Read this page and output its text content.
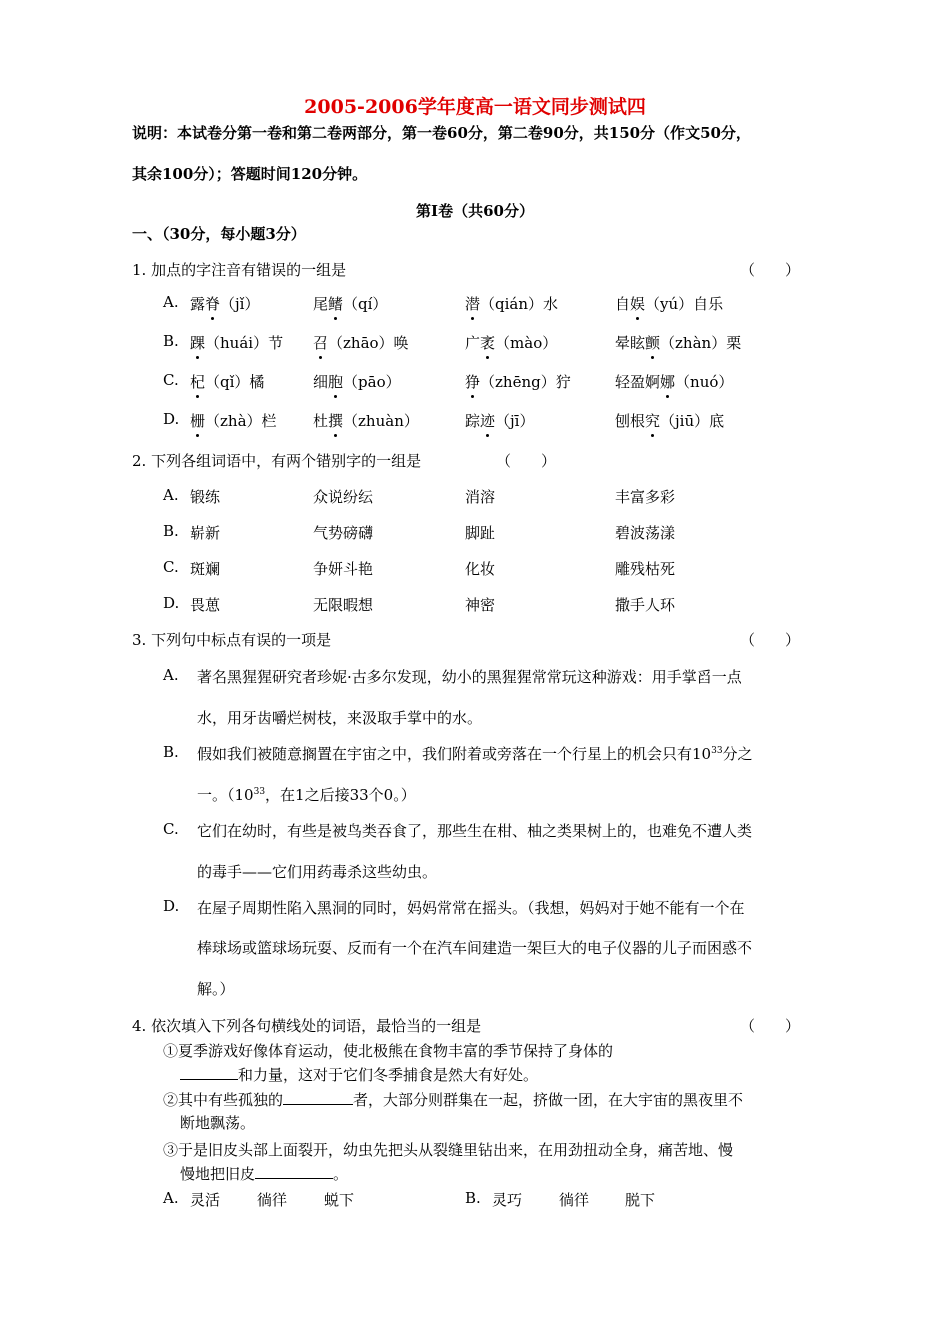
2005-2006学年度高一语文同步测试四
说明：本试卷分第一卷和第二卷两部分，第一卷60分，第二卷90分，共150分（作文50分，
其余100分）；答题时间120分钟。
第Ⅰ卷（共60分）
一、（30分，每小题3分）
1. 加点的字注音有错误的一组是	（　　）
A. 露脊（jǐ）	尾鳍（qí）	潜（qián）水	自娱（yú）自乐
B. 踝（huái）节 召（zhāo）唤	广袤（mào）	晕眩颤（zhàn）栗
C. 杞（qǐ）橘	细胞（pāo）	狰（zhēng）狞	轻盈婀娜（nuó）
D. 栅（zhà）栏 杜撰（zhuàn）	踪迹（jī）	刨根究（jiū）底
2. 下列各组词语中，有两个错别字的一组是	（　　）
A. 锻练	众说纷纭	消溶	丰富多彩
B. 崭新	气势磅礴	脚趾	碧波荡漾
C. 斑斓	争妍斗艳	化妆	雕残枯死
D. 畏葸	无限暇想	神密	撒手人环
3. 下列句中标点有误的一项是	（　　）
A. 著名黑猩猩研究者珍妮·古多尔发现，幼小的黑猩猩常常玩这种游戏：用手掌舀一点
水，用牙齿嚼烂树枝，来汲取手掌中的水。
B. 假如我们被随意搁置在宇宙之中，我们附着或旁落在一个行星上的机会只有$10^{33}$分之
一。（$10^{33}$，在1之后接33个0。）
C. 它们在幼时，有些是被鸟类吞食了，那些生在柑、柚之类果树上的，也难免不遭人类
的毒手——它们用药毒杀这些幼虫。
D. 在屋子周期性陷入黑洞的同时，妈妈常常在摇头。（我想，妈妈对于她不能有一个在
棒球场或篮球场玩耍、反而有一个在汽车间建造一架巨大的电子仪器的儿子而困惑不
解。）
4. 依次填入下列各句横线处的词语，最恰当的一组是	（　　）
①夏季游戏好像体育运动，使北极熊在食物丰富的季节保持了身体的
和力量，这对于它们冬季捕食是然大有好处。
②其中有些孤独的	者，大部分则群集在一起，挤做一团，在大宇宙的黑夜里不
断地飘荡。
③于是旧皮头部上面裂开，幼虫先把头从裂缝里钻出来，在用劲扭动全身，痛苦地、慢
慢地把旧皮	。
A. 灵活 徜徉 蜕下	B. 灵巧 徜徉 脱下
